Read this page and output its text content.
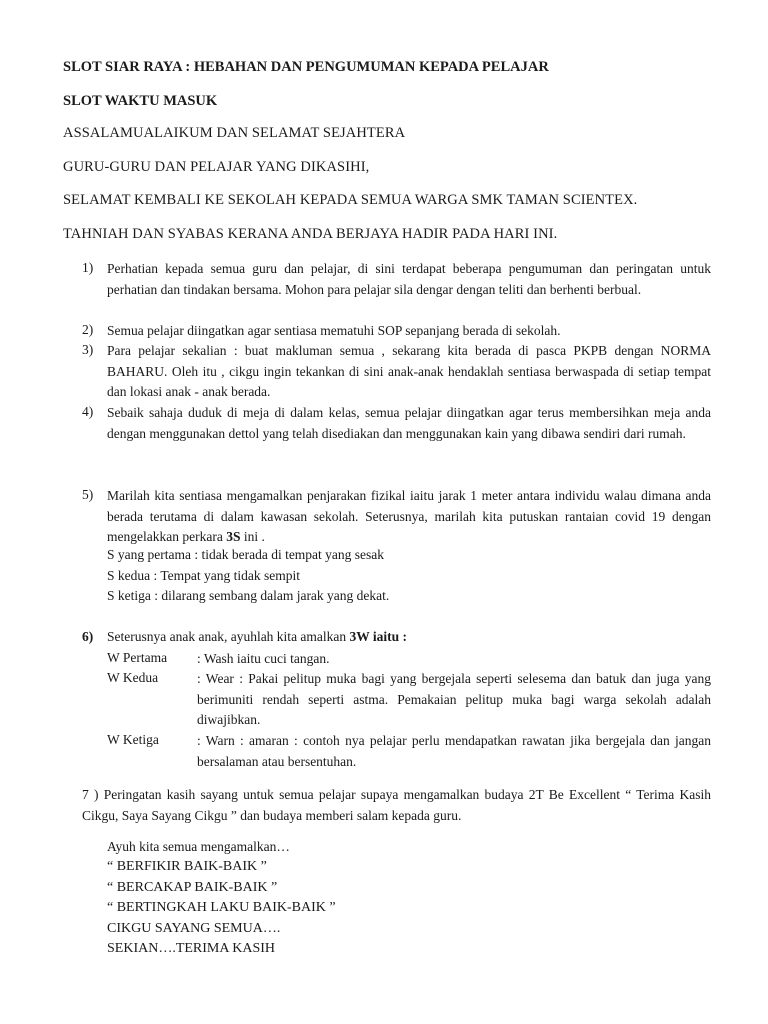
SLOT SIAR RAYA : HEBAHAN DAN PENGUMUMAN KEPADA PELAJAR
SLOT WAKTU MASUK
ASSALAMUALAIKUM DAN SELAMAT SEJAHTERA
GURU-GURU DAN PELAJAR YANG DIKASIHI,
SELAMAT KEMBALI KE SEKOLAH KEPADA SEMUA WARGA SMK TAMAN SCIENTEX.
TAHNIAH DAN SYABAS KERANA ANDA BERJAYA HADIR PADA HARI INI.
1) Perhatian kepada semua guru dan pelajar, di sini terdapat beberapa pengumuman dan peringatan untuk perhatian dan tindakan bersama. Mohon para pelajar sila dengar dengan teliti dan berhenti berbual.
2) Semua pelajar diingatkan agar sentiasa mematuhi SOP sepanjang berada di sekolah.
3) Para pelajar sekalian : buat makluman semua , sekarang kita berada di pasca PKPB dengan NORMA BAHARU. Oleh itu , cikgu ingin tekankan di sini anak-anak hendaklah sentiasa berwaspada di setiap tempat dan lokasi anak - anak berada.
4) Sebaik sahaja duduk di meja di dalam kelas, semua pelajar diingatkan agar terus membersihkan meja anda dengan menggunakan dettol yang telah disediakan dan menggunakan kain yang dibawa sendiri dari rumah.
5) Marilah kita sentiasa mengamalkan penjarakan fizikal iaitu jarak 1 meter antara individu walau dimana anda berada terutama di dalam kawasan sekolah. Seterusnya, marilah kita putuskan rantaian covid 19 dengan mengelakkan perkara 3S ini .
S yang pertama : tidak berada di tempat yang sesak
S kedua : Tempat yang tidak sempit
S ketiga : dilarang sembang dalam jarak yang dekat.
6) Seterusnya anak anak, ayuhlah kita amalkan 3W iaitu :
W Pertama : Wash iaitu cuci tangan.
W Kedua	: Wear : Pakai pelitup muka bagi yang bergejala seperti selesema dan batuk dan juga yang berimuniti rendah seperti astma. Pemakaian pelitup muka bagi warga sekolah adalah diwajibkan.
W Ketiga	: Warn : amaran : contoh nya pelajar perlu mendapatkan rawatan jika bergejala dan jangan bersalaman atau bersentuhan.
7 ) Peringatan kasih sayang untuk semua pelajar supaya mengamalkan budaya 2T Be Excellent “ Terima Kasih Cikgu, Saya Sayang Cikgu ” dan budaya memberi salam kepada guru.
Ayuh kita semua mengamalkan…
“ BERFIKIR BAIK-BAIK ”
“ BERCAKAP BAIK-BAIK ”
“ BERTINGKAH LAKU BAIK-BAIK ”
CIKGU SAYANG SEMUA….
SEKIAN….TERIMA KASIH
